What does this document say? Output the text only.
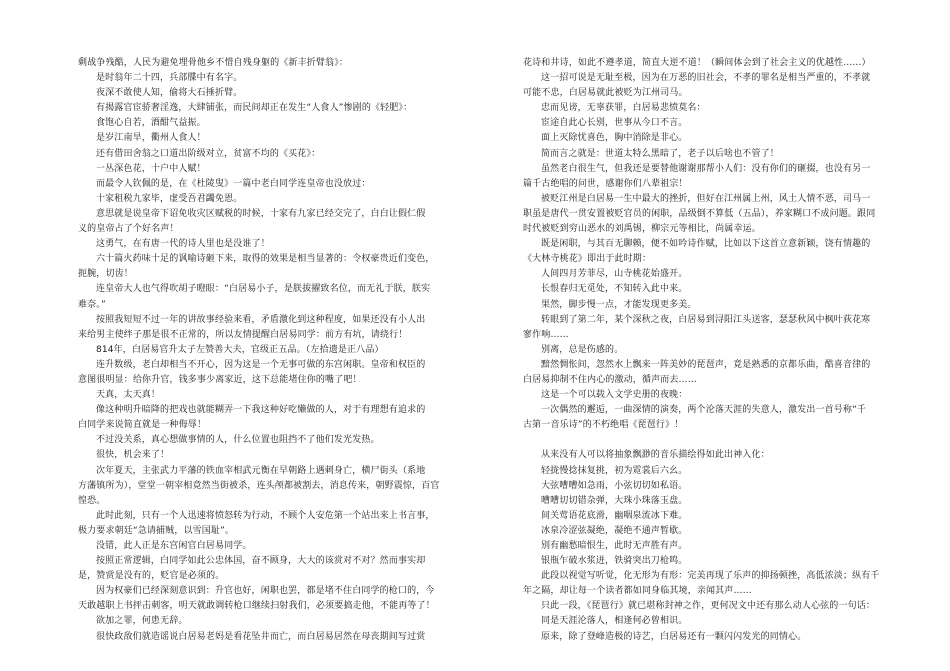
剩战争残酷，人民为避免埋骨他乡不惜自残身躯的《新丰折臂翁》：
是时翁年二十四，兵部牒中有名字。
夜深不敢使人知，偷将大石捶折臂。
有揭露官宦骄奢淫逸，大肆铺张，而民间却正在发生“人食人”惨剧的《轻肥》：
食饱心自若，酒酣气益振。
是岁江南旱，衢州人食人！
还有借田舍翁之口道出阶级对立，贫富不均的《买花》：
一丛深色花，十户中人赋！
而最令人钦佩的是，在《杜陵叟》一篇中老白同学连皇帝也没放过：
十家租税九家毕，虚受吾君蠲免恩。
意思就是说皇帝下诏免收灾区赋税的时候，十家有九家已经交完了，白白让假仁假
义的皇帝占了个好名声！
这勇气，在有唐一代的诗人里也是没谁了！
六十篇火药味十足的讽喻诗砸下来，取得的效果是相当显著的：令权豪贵近们变色，
扼腕，切齿！
连皇帝大人也气得吹胡子瞪眼：“白居易小子，是朕拔擢致名位，而无礼于朕，朕实
难奈。”
按照我短短不过一年的讲故事经验来看，矛盾激化到这种程度，如果还没有小人出
来给男主使绊子那是很不正常的，所以友情提醒白居易同学：前方有坑，请绕行！
814年，白居易官升太子左赞善大夫，官级正五品。（左拾遗是正八品）
连升数级，老白却相当不开心，因为这是一个无事可做的东宫闲职。皇帝和权臣的
意图很明显：给你升官，钱多事少离家近，这下总能堵住你的嘴了吧！
天真，太天真！
像这种明升暗降的把戏也就能糊弄一下我这种好吃懒做的人，对于有理想有追求的
白同学来说简直就是一种侮辱！
不过没关系，真心想做事情的人，什么位置也阻挡不了他们发光发热。
很快，机会来了！
次年夏天，主张武力平藩的铁血宰相武元衡在早朝路上遇刺身亡，横尸街头（系地
方藩镇所为），堂堂一朝宰相竟然当街被杀，连头颅都被割去，消息传来，朝野震惊，百官
惶恐。
此时此刻，只有一个人迅速将愤怒转为行动，不顾个人安危第一个站出来上书言事，
极力要求朝廷“急请捕贼，以雪国耻”。
没错，此人正是东宫闲官白居易同学。
按照正常逻辑，白同学如此公忠体国，奋不顾身，大大的该赏对不对？然而事实却
是，赞赏是没有的，贬官是必须的。
因为权豪们已经深刻意识到：升官也好，闲职也罢，都是堵不住白同学的枪口的，今
天敢越职上书抨击刺客，明天就敢调转枪口继续扫射我们，必须要搞走他，不能再等了！
欲加之罪，何患无辞。
很快政敌们就造谣说白居易老妈是看花坠井而亡，而白居易居然在母丧期间写过赏
花诗和井诗，如此不遵孝道，简直大逆不道！（瞬间体会到了社会主义的优越性……）
这一招可说是无耻至极，因为在万恶的旧社会，不孝的罪名是相当严重的，不孝就
可能不忠，白居易就此被贬为江州司马。
忠而见谤，无辜获罪，白居易悲愤莫名：
宦途自此心长别，世事从今口不言。
面上灭除忧喜色，胸中消除是非心。
简而言之就是：世道太特么黑暗了，老子以后啥也不管了！
虽然老白很生气，但我还是要替他谢谢那帮小人们：没有你们的砸掇，也没有另一
篇千古绝唱的问世，感谢你们八辈祖宗！
被贬江州是白居易一生中最大的挫折，但好在江州属上州，风土人情不恶，司马一
职虽是唐代一贯安置被贬官员的闲职，品级倒不算低（五品），养家糊口不成问题。跟同
时代被贬到穷山恶水的刘禹锡，柳宗元等相比，尚属幸运。
既是闲职，与其百无聊赖，便不如吟诗作赋，比如以下这首立意新颖，饶有情趣的
《大林寺桃花》即出于此时期：
人间四月芳菲尽，山寺桃花始盛开。
长恨春归无觅处，不知转入此中来。
果然，脚步慢一点，才能发现更多美。
转眼到了第二年，某个深秋之夜，白居易到浔阳江头送客，瑟瑟秋风中枫叶荻花寒
寥作响……
别离，总是伤感的。
黯然惆怅间，忽然水上飘来一阵美妙的琵琶声，竟是熟悉的京都乐曲，酷喜音律的
白居易抑制不住内心的激动，循声而去……
这是一个可以载入文学史册的夜晚：
一次偶然的邂逅，一曲深情的演奏，两个沦落天涯的失意人，激发出一首号称“千
古第一音乐诗”的不朽绝唱《琵琶行》！
从来没有人可以将抽象飘渺的音乐描绘得如此出神入化：
轻拢慢捻抹复挑，初为霓裳后六幺。
大弦嘈嘈如急雨，小弦切切如私语。
嘈嘈切切错杂弹，大珠小珠落玉盘。
间关莺语花底滑，幽咽泉流冰下难。
冰泉冷涩弦凝绝，凝绝不通声暂歇。
别有幽愁暗恨生，此时无声胜有声。
银瓶乍破水浆迸，铁骑突出刀枪鸣。
此段以视觉写听觉，化无形为有形：完美再现了乐声的抑扬顿挫，高低浓淡；纵有千
年之隔，却让每一个读者都如同身临其境，亲闻其声……
只此一段，《琵琶行》就已堪称封神之作，更何况文中还有那么动人心弦的一句话：
同是天涯沦落人，相逢何必曾相识。
原来，除了登峰造极的诗艺，白居易还有一颗闪闪发光的同情心。
